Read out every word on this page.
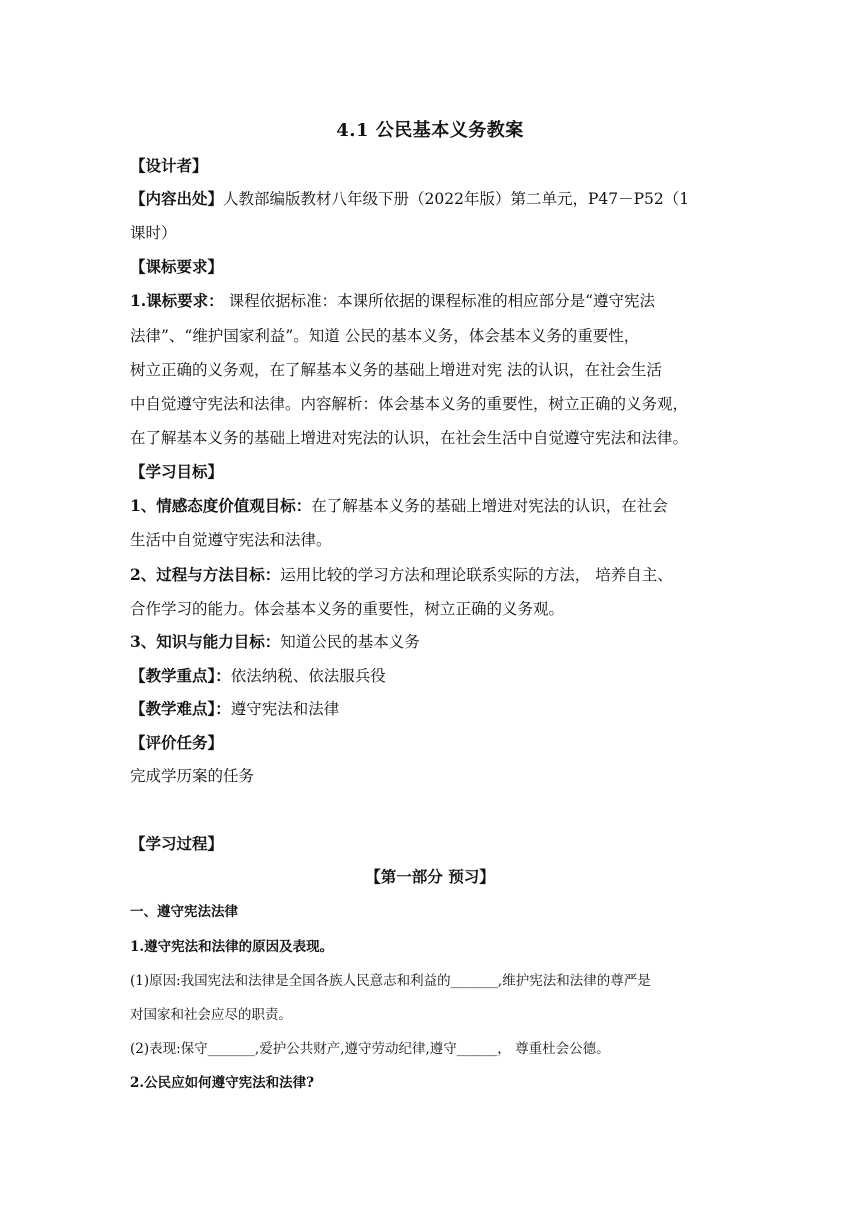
4.1 公民基本义务教案
【设计者】
【内容出处】人教部编版教材八年级下册（2022年版）第二单元，P47－P52（1
课时）
【课标要求】
1.课标要求： 课程依据标准：本课所依据的课程标准的相应部分是“遵守宪法
法律”、“维护国家利益”。知道 公民的基本义务，体会基本义务的重要性，
树立正确的义务观，在了解基本义务的基础上增进对宪 法的认识，在社会生活
中自觉遵守宪法和法律。内容解析：体会基本义务的重要性，树立正确的义务观，
在了解基本义务的基础上增进对宪法的认识，在社会生活中自觉遵守宪法和法律。
【学习目标】
1、情感态度价值观目标：在了解基本义务的基础上增进对宪法的认识，在社会
生活中自觉遵守宪法和法律。
2、过程与方法目标：运用比较的学习方法和理论联系实际的方法， 培养自主、
合作学习的能力。体会基本义务的重要性，树立正确的义务观。
3、知识与能力目标：知道公民的基本义务
【教学重点】：依法纳税、依法服兵役
【教学难点】：遵守宪法和法律
【评价任务】
完成学历案的任务
【学习过程】
【第一部分 预习】
一、遵守宪法法律
1.遵守宪法和法律的原因及表现。
(1)原因:我国宪法和法律是全国各族人民意志和利益的_______,维护宪法和法律的尊严是
对国家和社会应尽的职责。
(2)表现:保守_______,爱护公共财产,遵守劳动纪律,遵守______， 尊重杜会公德。
2.公民应如何遵守宪法和法律?
